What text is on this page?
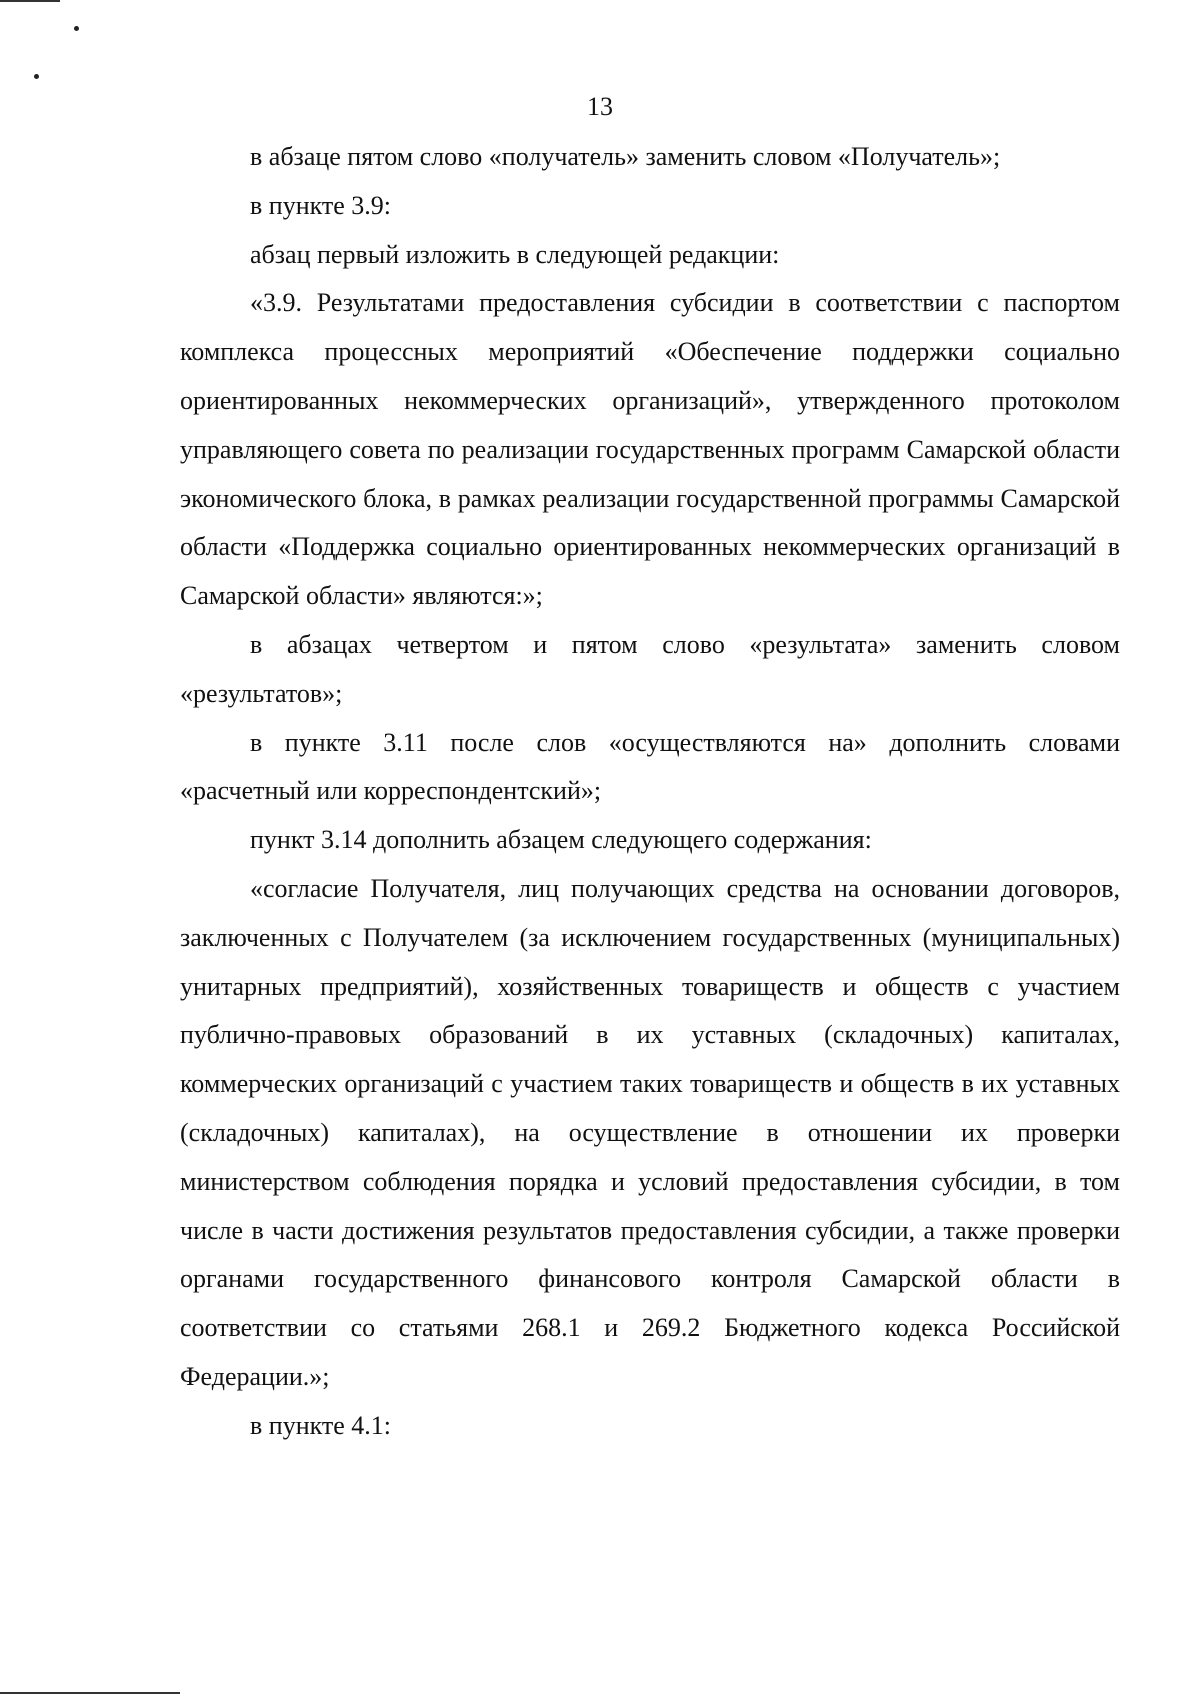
13

в абзаце пятом слово «получатель» заменить словом «Получатель»;

в пункте 3.9:

абзац первый изложить в следующей редакции:

«3.9. Результатами предоставления субсидии в соответствии с паспортом комплекса процессных мероприятий «Обеспечение поддержки социально ориентированных некоммерческих организаций», утвержденного протоколом управляющего совета по реализации государственных программ Самарской области экономического блока, в рамках реализации государственной программы Самарской области «Поддержка социально ориентированных некоммерческих организаций в Самарской области» являются:»;

в абзацах четвертом и пятом слово «результата» заменить словом «результатов»;

в пункте 3.11 после слов «осуществляются на» дополнить словами «расчетный или корреспондентский»;

пункт 3.14 дополнить абзацем следующего содержания:

«согласие Получателя, лиц получающих средства на основании договоров, заключенных с Получателем (за исключением государственных (муниципальных) унитарных предприятий), хозяйственных товариществ и обществ с участием публично-правовых образований в их уставных (складочных) капиталах, коммерческих организаций с участием таких товариществ и обществ в их уставных (складочных) капиталах), на осуществление в отношении их проверки министерством соблюдения порядка и условий предоставления субсидии, в том числе в части достижения результатов предоставления субсидии, а также проверки органами государственного финансового контроля Самарской области в соответствии со статьями 268.1 и 269.2 Бюджетного кодекса Российской Федерации.»;

в пункте 4.1:
